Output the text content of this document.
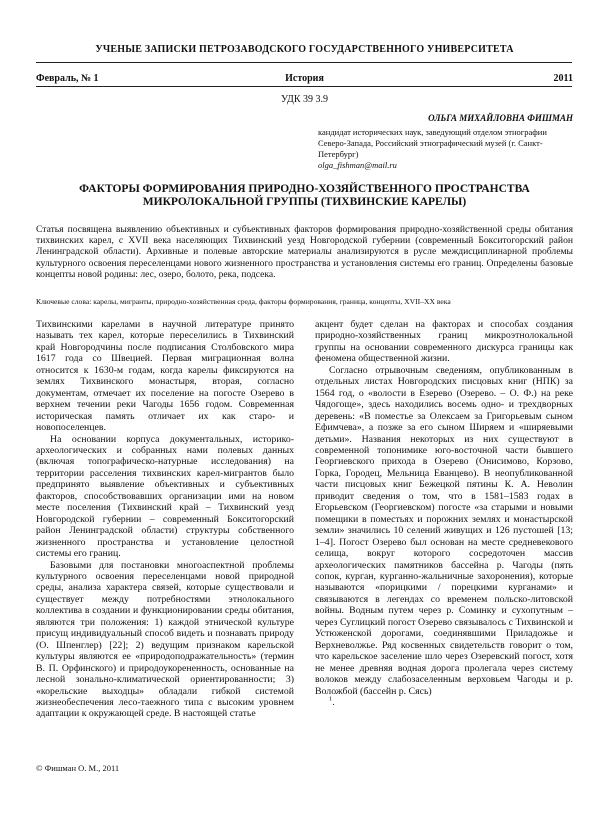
УЧЕНЫЕ ЗАПИСКИ ПЕТРОЗАВОДСКОГО ГОСУДАРСТВЕННОГО УНИВЕРСИТЕТА
Февраль, № 1	История	2011
УДК 39 3.9
ОЛЬГА МИХАЙЛОВНА ФИШМАН
кандидат исторических наук, заведующий отделом этнографии Северо-Запада, Российский этнографический музей (г. Санкт-Петербург)
olga_fishman@mail.ru
ФАКТОРЫ ФОРМИРОВАНИЯ ПРИРОДНО-ХОЗЯЙСТВЕННОГО ПРОСТРАНСТВА МИКРОЛОКАЛЬНОЙ ГРУППЫ (ТИХВИНСКИЕ КАРЕЛЫ)
Статья посвящена выявлению объективных и субъективных факторов формирования природно-хозяйственной среды обитания тихвинских карел, с XVII века населяющих Тихвинский уезд Новгородской губернии (современный Бокситогорский район Ленинградской области). Архивные и полевые авторские материалы анализируются в русле междисциплинарной проблемы культурного освоения переселенцами нового жизненного пространства и установления системы его границ. Определены базовые концепты новой родины: лес, озеро, болото, река, подсека.
Ключевые слова: карелы, мигранты, природно-хозяйственная среда, факторы формирования, граница, концепты, XVII–XX века

Тихвинскими карелами в научной литературе принято называть тех карел, которые переселились в Тихвинский край Новгородчины после подписания Столбовского мира 1617 года со Швецией. Первая миграционная волна относится к 1630-м годам, когда карелы фиксируются на землях Тихвинского монастыря, вторая, согласно документам, отмечает их поселение на погосте Озерево в верхнем течении реки Чагоды 1656 годом. Современная историческая память отличает их как старо- и новопоселенцев.

На основании корпуса документальных, историко-археологических и собранных нами полевых данных (включая топографическо-натурные исследования) на территории расселения тихвинских карел-мигрантов было предпринято выявление объективных и субъективных факторов, способствовавших организации ими на новом месте поселения (Тихвинский край – Тихвинский уезд Новгородской губернии – современный Бокситогорский район Ленинградской области) структуры собственного жизненного пространства и установление целостной системы его границ.

Базовыми для постановки многоаспектной проблемы культурного освоения переселенцами новой природной среды, анализа характера связей, которые существовали и существует между потребностями этнолокального коллектива в создании и функционировании среды обитания, являются три положения: 1) каждой этнической культуре присущ индивидуальный способ видеть и познавать природу (О. Шпенглер) [22]; 2) ведущим признаком карельской культуры являются ее «природоподражательность» (термин В. П. Орфинского) и природоукорененность, основанные на лесной зонально-климатической ориентированности; 3) «корельские выходцы» обладали гибкой системой жизнеобеспечения лесо-таежного типа с высоким уровнем адаптации к окружающей среде. В настоящей статье

акцент будет сделан на факторах и способах создания природно-хозяйственных границ микроэтнолокальной группы на основании современного дискурса границы как феномена общественной жизни.

Согласно отрывочным сведениям, опубликованным в отдельных листах Новгородских писцовых книг (НПК) за 1564 год, о «волости в Езерево (Озерево. – О. Ф.) на реке Чядогоще», здесь находились восемь одно- и трехдворных деревень: «В поместье за Олексаем за Григорьевым сыном Ефимчева», а позже за его сыном Ширяем и «ширяевыми детьми». Названия некоторых из них существуют в современной топонимике юго-восточной части бывшего Георгиевского прихода в Озерево (Онисимово, Корзово, Горка, Городец, Мельница Еванцево). В неопубликованной части писцовых книг Бежецкой пятины К. А. Неволин приводит сведения о том, что в 1581–1583 годах в Егорьевском (Георгиевском) погосте «за старыми и новыми помещики в поместьях и порожних землях и монастырской земли» значились 10 селений живущих и 126 пустошей [13; 1–4]. Погост Озерево был основан на месте средневекового селища, вокруг которого сосредоточен массив археологических памятников бассейна р. Чагоды (пять сопок, курган, курганно-жальничные захоронения), которые называются «порицкими / порецкими курганами» и связываются в легендах со временем польско-литовской войны. Водным путем через р. Соминку и сухопутным – через Суглицкий погост Озерево связывалось с Тихвинской и Устюженской дорогами, соединявшими Приладожье и Верхневолжье. Ряд косвенных свидетельств говорит о том, что карельское заселение шло через Озеревский погост, хотя не менее древняя водная дорога пролегала через систему волоков между слабозаселенным верховьем Чагоды и р. Воложбой (бассейн р. Сясь)

$^1$.

© Фишман О. М., 2011
